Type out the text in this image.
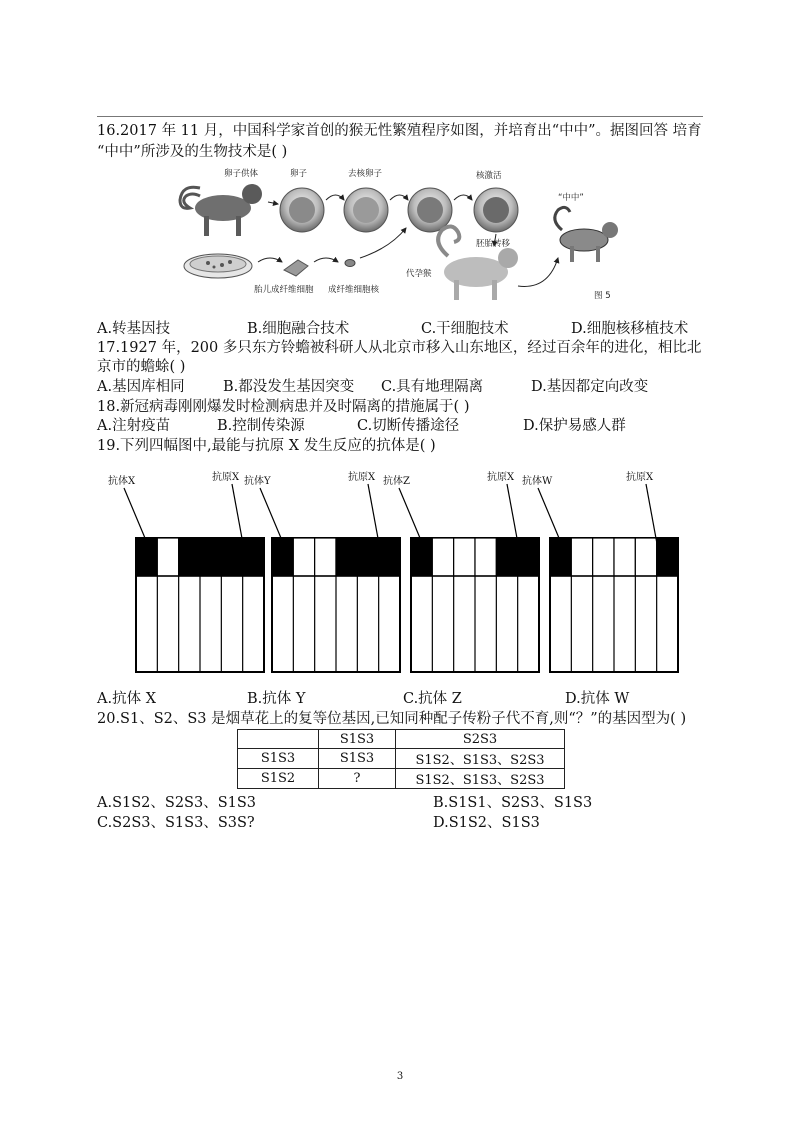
16.2017 年 11 月，中国科学家首创的猴无性繁殖程序如图，并培育出“中中”。据图回答 培育
“中中”所涉及的生物技术是( )
卵子供体	卵子	去核卵子	核激活
胎儿成纤维细胞 成纤维细胞核
胚胎转移
代孕猴
“中中”
图 5
A.转基因技	B.细胞融合技术	C.干细胞技术	D.细胞核移植技术
17.1927 年，200 多只东方铃蟾被科研人从北京市移入山东地区，经过百余年的进化，相比北
京市的蟾蜍( )
A.基因库相同	B.都没发生基因突变 C.具有地理隔离	D.基因都定向改变
18.新冠病毒刚刚爆发时检测病患并及时隔离的措施属于( )
A.注射疫苗	B.控制传染源	C.切断传播途径	D.保护易感人群
19.下列四幅图中,最能与抗原 X 发生反应的抗体是( )
抗体X	抗原X 抗体Y	抗原X 抗体Z	抗原X 抗体W	抗原X
A.抗体 X	B.抗体 Y	C.抗体 Z	D.抗体 W
20.S1、S2、S3 是烟草花上的复等位基因,已知同种配子传粉子代不育,则“？”的基因型为( )
	S1S3	S2S3
S1S3	S1S3	S1S2、S1S3、S2S3
S1S2	?	S1S2、S1S3、S2S3
A.S1S2、S2S3、S1S3	B.S1S1、S2S3、S1S3
C.S2S3、S1S3、S3S?	D.S1S2、S1S3
3
